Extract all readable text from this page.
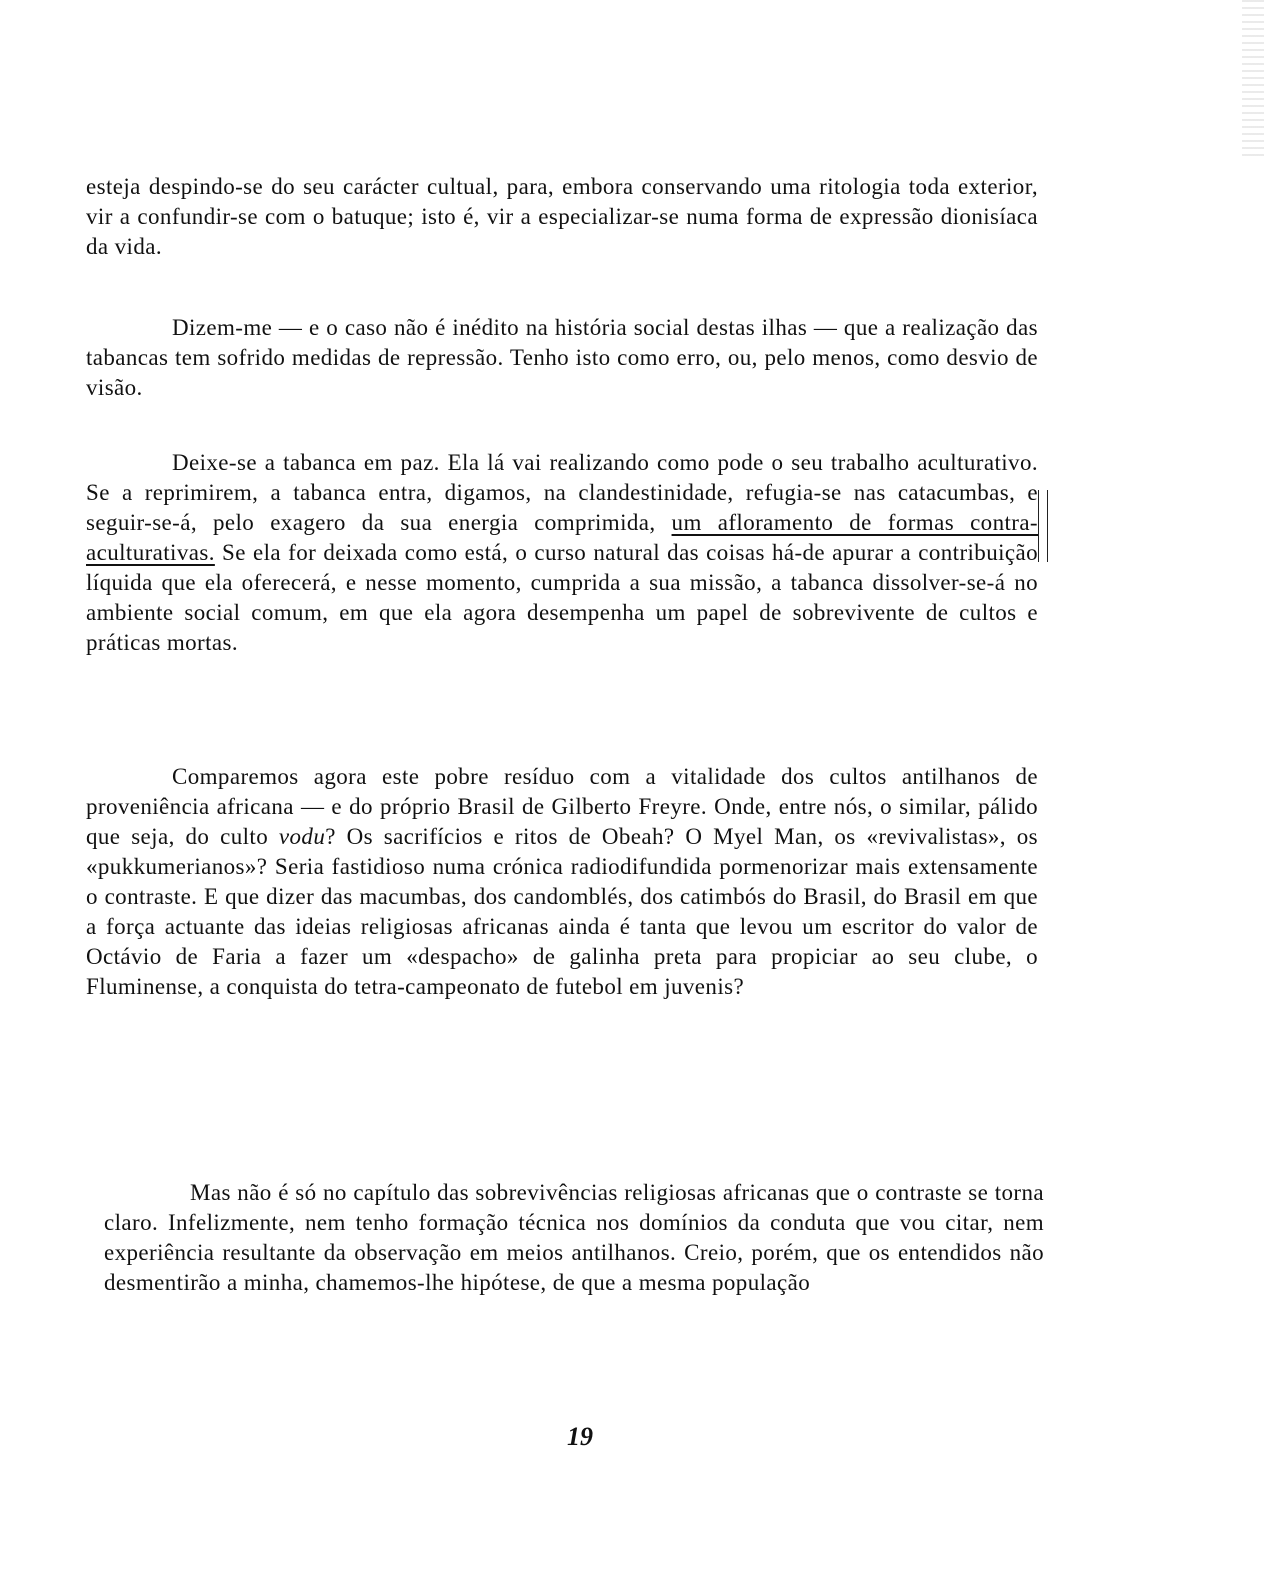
esteja despindo-se do seu carácter cultual, para, embora conservando uma ritologia toda exterior, vir a confundir-se com o batuque; isto é, vir a especializar-se numa forma de expressão dionisíaca da vida.

Dizem-me — e o caso não é inédito na história social destas ilhas — que a realização das tabancas tem sofrido medidas de repressão. Tenho isto como erro, ou, pelo menos, como desvio de visão.

Deixe-se a tabanca em paz. Ela lá vai realizando como pode o seu trabalho aculturativo. Se a reprimirem, a tabanca entra, digamos, na clandestinidade, refugia-se nas catacumbas, e seguir-se-á, pelo exagero da sua energia comprimida, um afloramento de formas contra-aculturativas. Se ela for deixada como está, o curso natural das coisas há-de apurar a contribuição líquida que ela oferecerá, e nesse momento, cumprida a sua missão, a tabanca dissolver-se-á no ambiente social comum, em que ela agora desempenha um papel de sobrevivente de cultos e práticas mortas.

Comparemos agora este pobre resíduo com a vitalidade dos cultos antilhanos de proveniência africana — e do próprio Brasil de Gilberto Freyre. Onde, entre nós, o similar, pálido que seja, do culto vodu? Os sacrifícios e ritos de Obeah? O Myel Man, os «revivalistas», os «pukkumerianos»? Seria fastidioso numa crónica radiodifundida pormenorizar mais extensamente o contraste. E que dizer das macumbas, dos candomblés, dos catimbós do Brasil, do Brasil em que a força actuante das ideias religiosas africanas ainda é tanta que levou um escritor do valor de Octávio de Faria a fazer um «despacho» de galinha preta para propiciar ao seu clube, o Fluminense, a conquista do tetra-campeonato de futebol em juvenis?

Mas não é só no capítulo das sobrevivências religiosas africanas que o contraste se torna claro. Infelizmente, nem tenho formação técnica nos domínios da conduta que vou citar, nem experiência resultante da observação em meios antilhanos. Creio, porém, que os entendidos não desmentirão a minha, chamemos-lhe hipótese, de que a mesma população

19
